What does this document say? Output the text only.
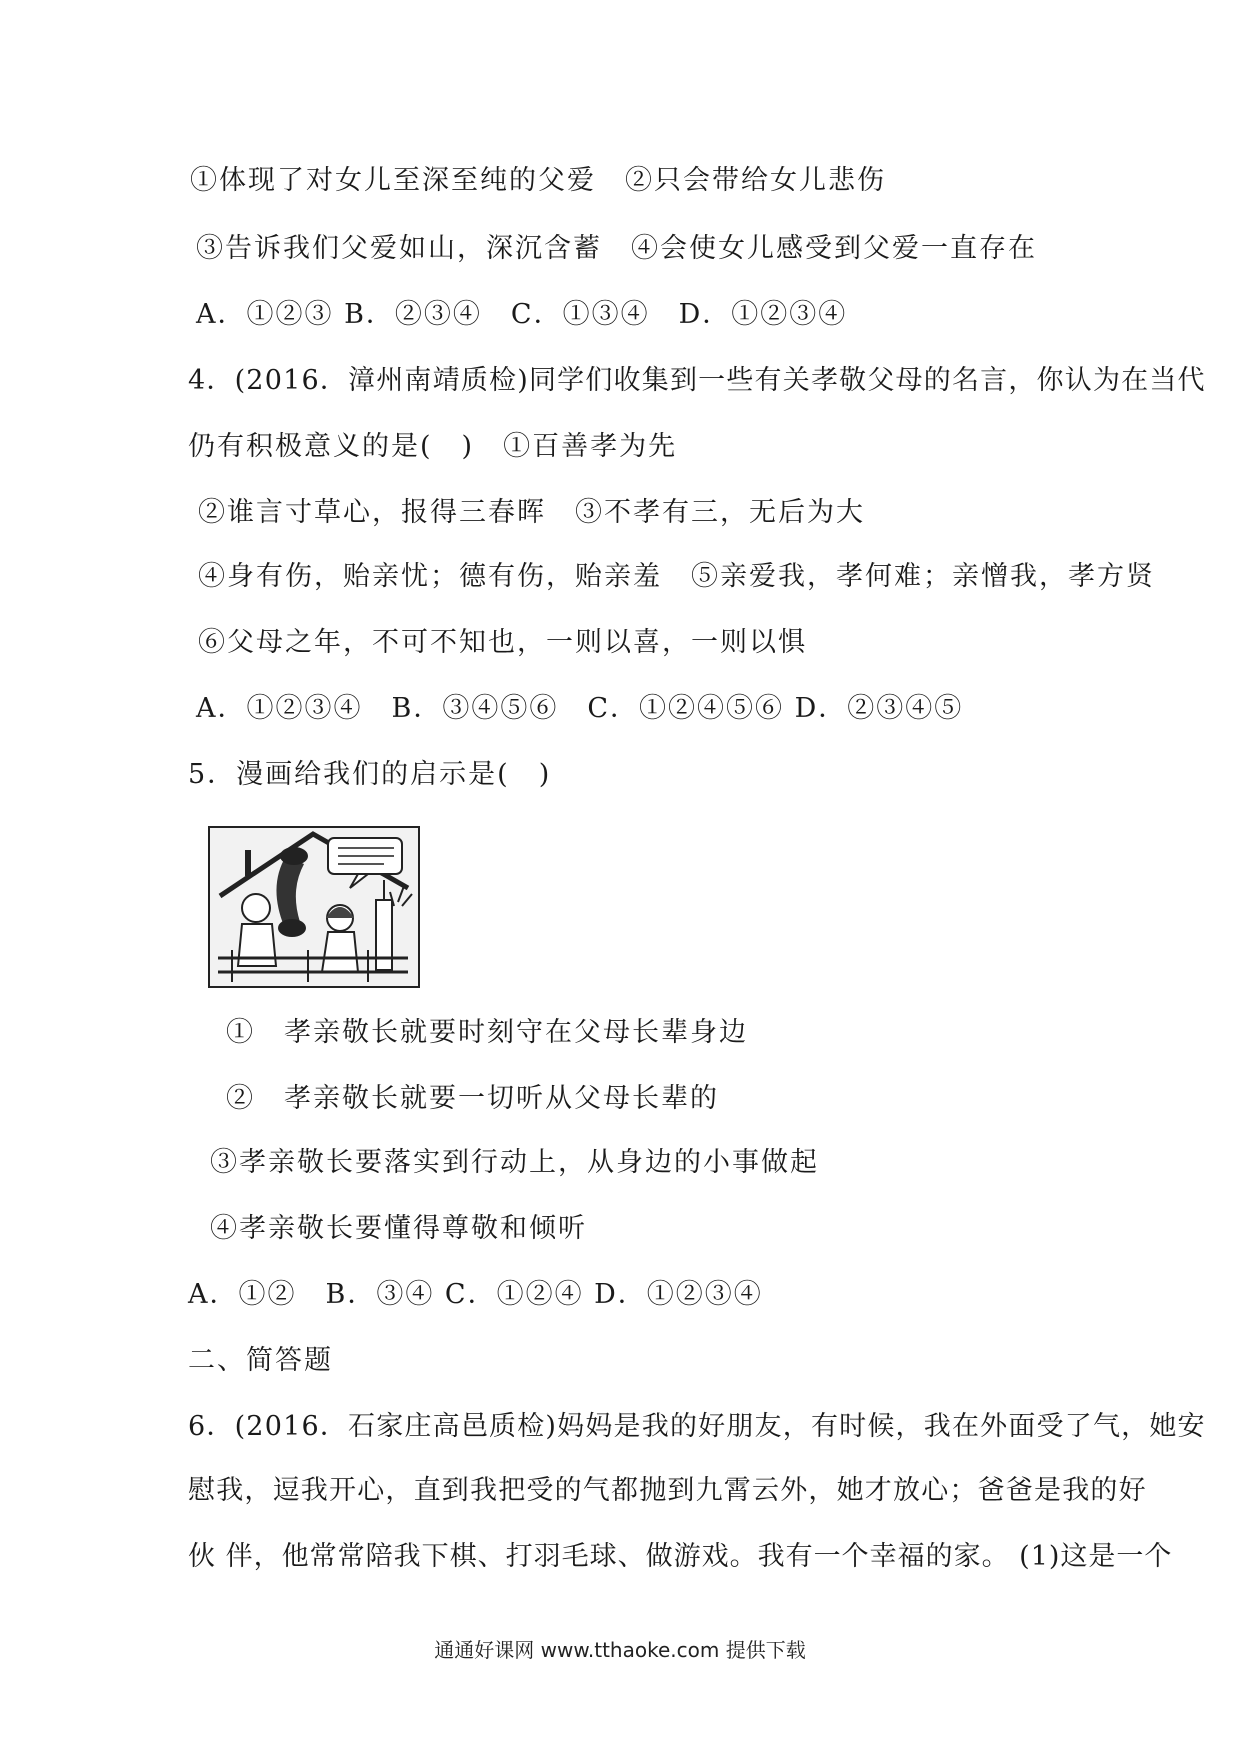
①体现了对女儿至深至纯的父爱　②只会带给女儿悲伤
③告诉我们父爱如山，深沉含蓄　④会使女儿感受到父爱一直存在
A．①②③ B．②③④　C．①③④　D．①②③④
4．(2016．漳州南靖质检)同学们收集到一些有关孝敬父母的名言，你认为在当代
仍有积极意义的是(　)　①百善孝为先
②谁言寸草心，报得三春晖　③不孝有三，无后为大
④身有伤，贻亲忧；德有伤，贻亲羞　⑤亲爱我，孝何难；亲憎我，孝方贤
⑥父母之年，不可不知也，一则以喜，一则以惧
A．①②③④　B．③④⑤⑥　C．①②④⑤⑥ D．②③④⑤
5．漫画给我们的启示是(　)
①　孝亲敬长就要时刻守在父母长辈身边
②　孝亲敬长就要一切听从父母长辈的
③孝亲敬长要落实到行动上，从身边的小事做起
④孝亲敬长要懂得尊敬和倾听
A．①②　B．③④ C．①②④ D．①②③④
二、简答题
6．(2016．石家庄高邑质检)妈妈是我的好朋友，有时候，我在外面受了气，她安
慰我，逗我开心，直到我把受的气都抛到九霄云外，她才放心；爸爸是我的好
伙 伴，他常常陪我下棋、打羽毛球、做游戏。我有一个幸福的家。 (1)这是一个
通通好课网 www.tthaoke.com 提供下载
